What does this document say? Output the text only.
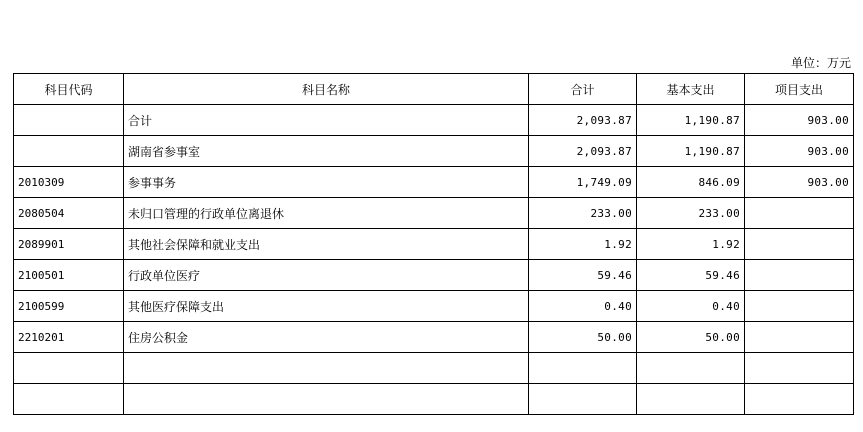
单位：万元
科目代码	科目名称	合计	基本支出	项目支出
	合计	2,093.87	1,190.87	903.00
	湖南省参事室	2,093.87	1,190.87	903.00
2010309	参事事务	1,749.09	846.09	903.00
2080504	未归口管理的行政单位离退休	233.00	233.00	
2089901	其他社会保障和就业支出	1.92	1.92	
2100501	行政单位医疗	59.46	59.46	
2100599	其他医疗保障支出	0.40	0.40	
2210201	住房公积金	50.00	50.00	
